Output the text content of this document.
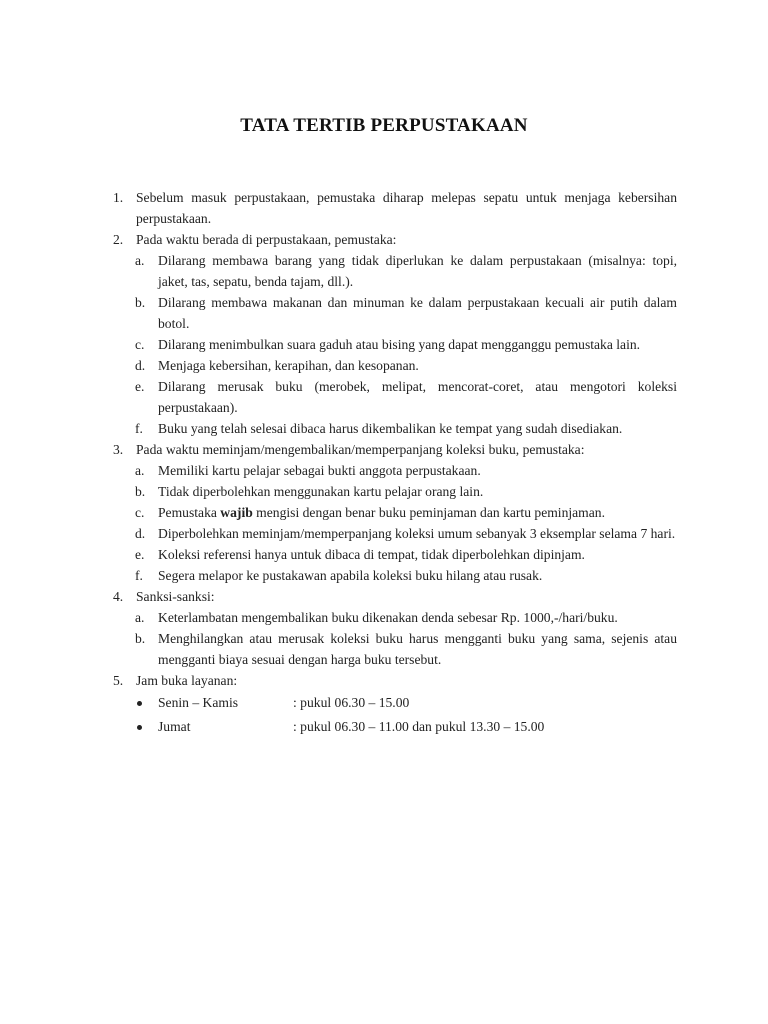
TATA TERTIB PERPUSTAKAAN
1. Sebelum masuk perpustakaan, pemustaka diharap melepas sepatu untuk menjaga kebersihan perpustakaan.
2. Pada waktu berada di perpustakaan, pemustaka:
a. Dilarang membawa barang yang tidak diperlukan ke dalam perpustakaan (misalnya: topi, jaket, tas, sepatu, benda tajam, dll.).
b. Dilarang membawa makanan dan minuman ke dalam perpustakaan kecuali air putih dalam botol.
c. Dilarang menimbulkan suara gaduh atau bising yang dapat mengganggu pemustaka lain.
d. Menjaga kebersihan, kerapihan, dan kesopanan.
e. Dilarang merusak buku (merobek, melipat, mencorat-coret, atau mengotori koleksi perpustakaan).
f. Buku yang telah selesai dibaca harus dikembalikan ke tempat yang sudah disediakan.
3. Pada waktu meminjam/mengembalikan/memperpanjang koleksi buku, pemustaka:
a. Memiliki kartu pelajar sebagai bukti anggota perpustakaan.
b. Tidak diperbolehkan menggunakan kartu pelajar orang lain.
c. Pemustaka wajib mengisi dengan benar buku peminjaman dan kartu peminjaman.
d. Diperbolehkan meminjam/memperpanjang koleksi umum sebanyak 3 eksemplar selama 7 hari.
e. Koleksi referensi hanya untuk dibaca di tempat, tidak diperbolehkan dipinjam.
f. Segera melapor ke pustakawan apabila koleksi buku hilang atau rusak.
4. Sanksi-sanksi:
a. Keterlambatan mengembalikan buku dikenakan denda sebesar Rp. 1000,-/hari/buku.
b. Menghilangkan atau merusak koleksi buku harus mengganti buku yang sama, sejenis atau mengganti biaya sesuai dengan harga buku tersebut.
5. Jam buka layanan:
Senin – Kamis	: pukul 06.30 – 15.00
Jumat	: pukul 06.30 – 11.00 dan pukul 13.30 – 15.00
